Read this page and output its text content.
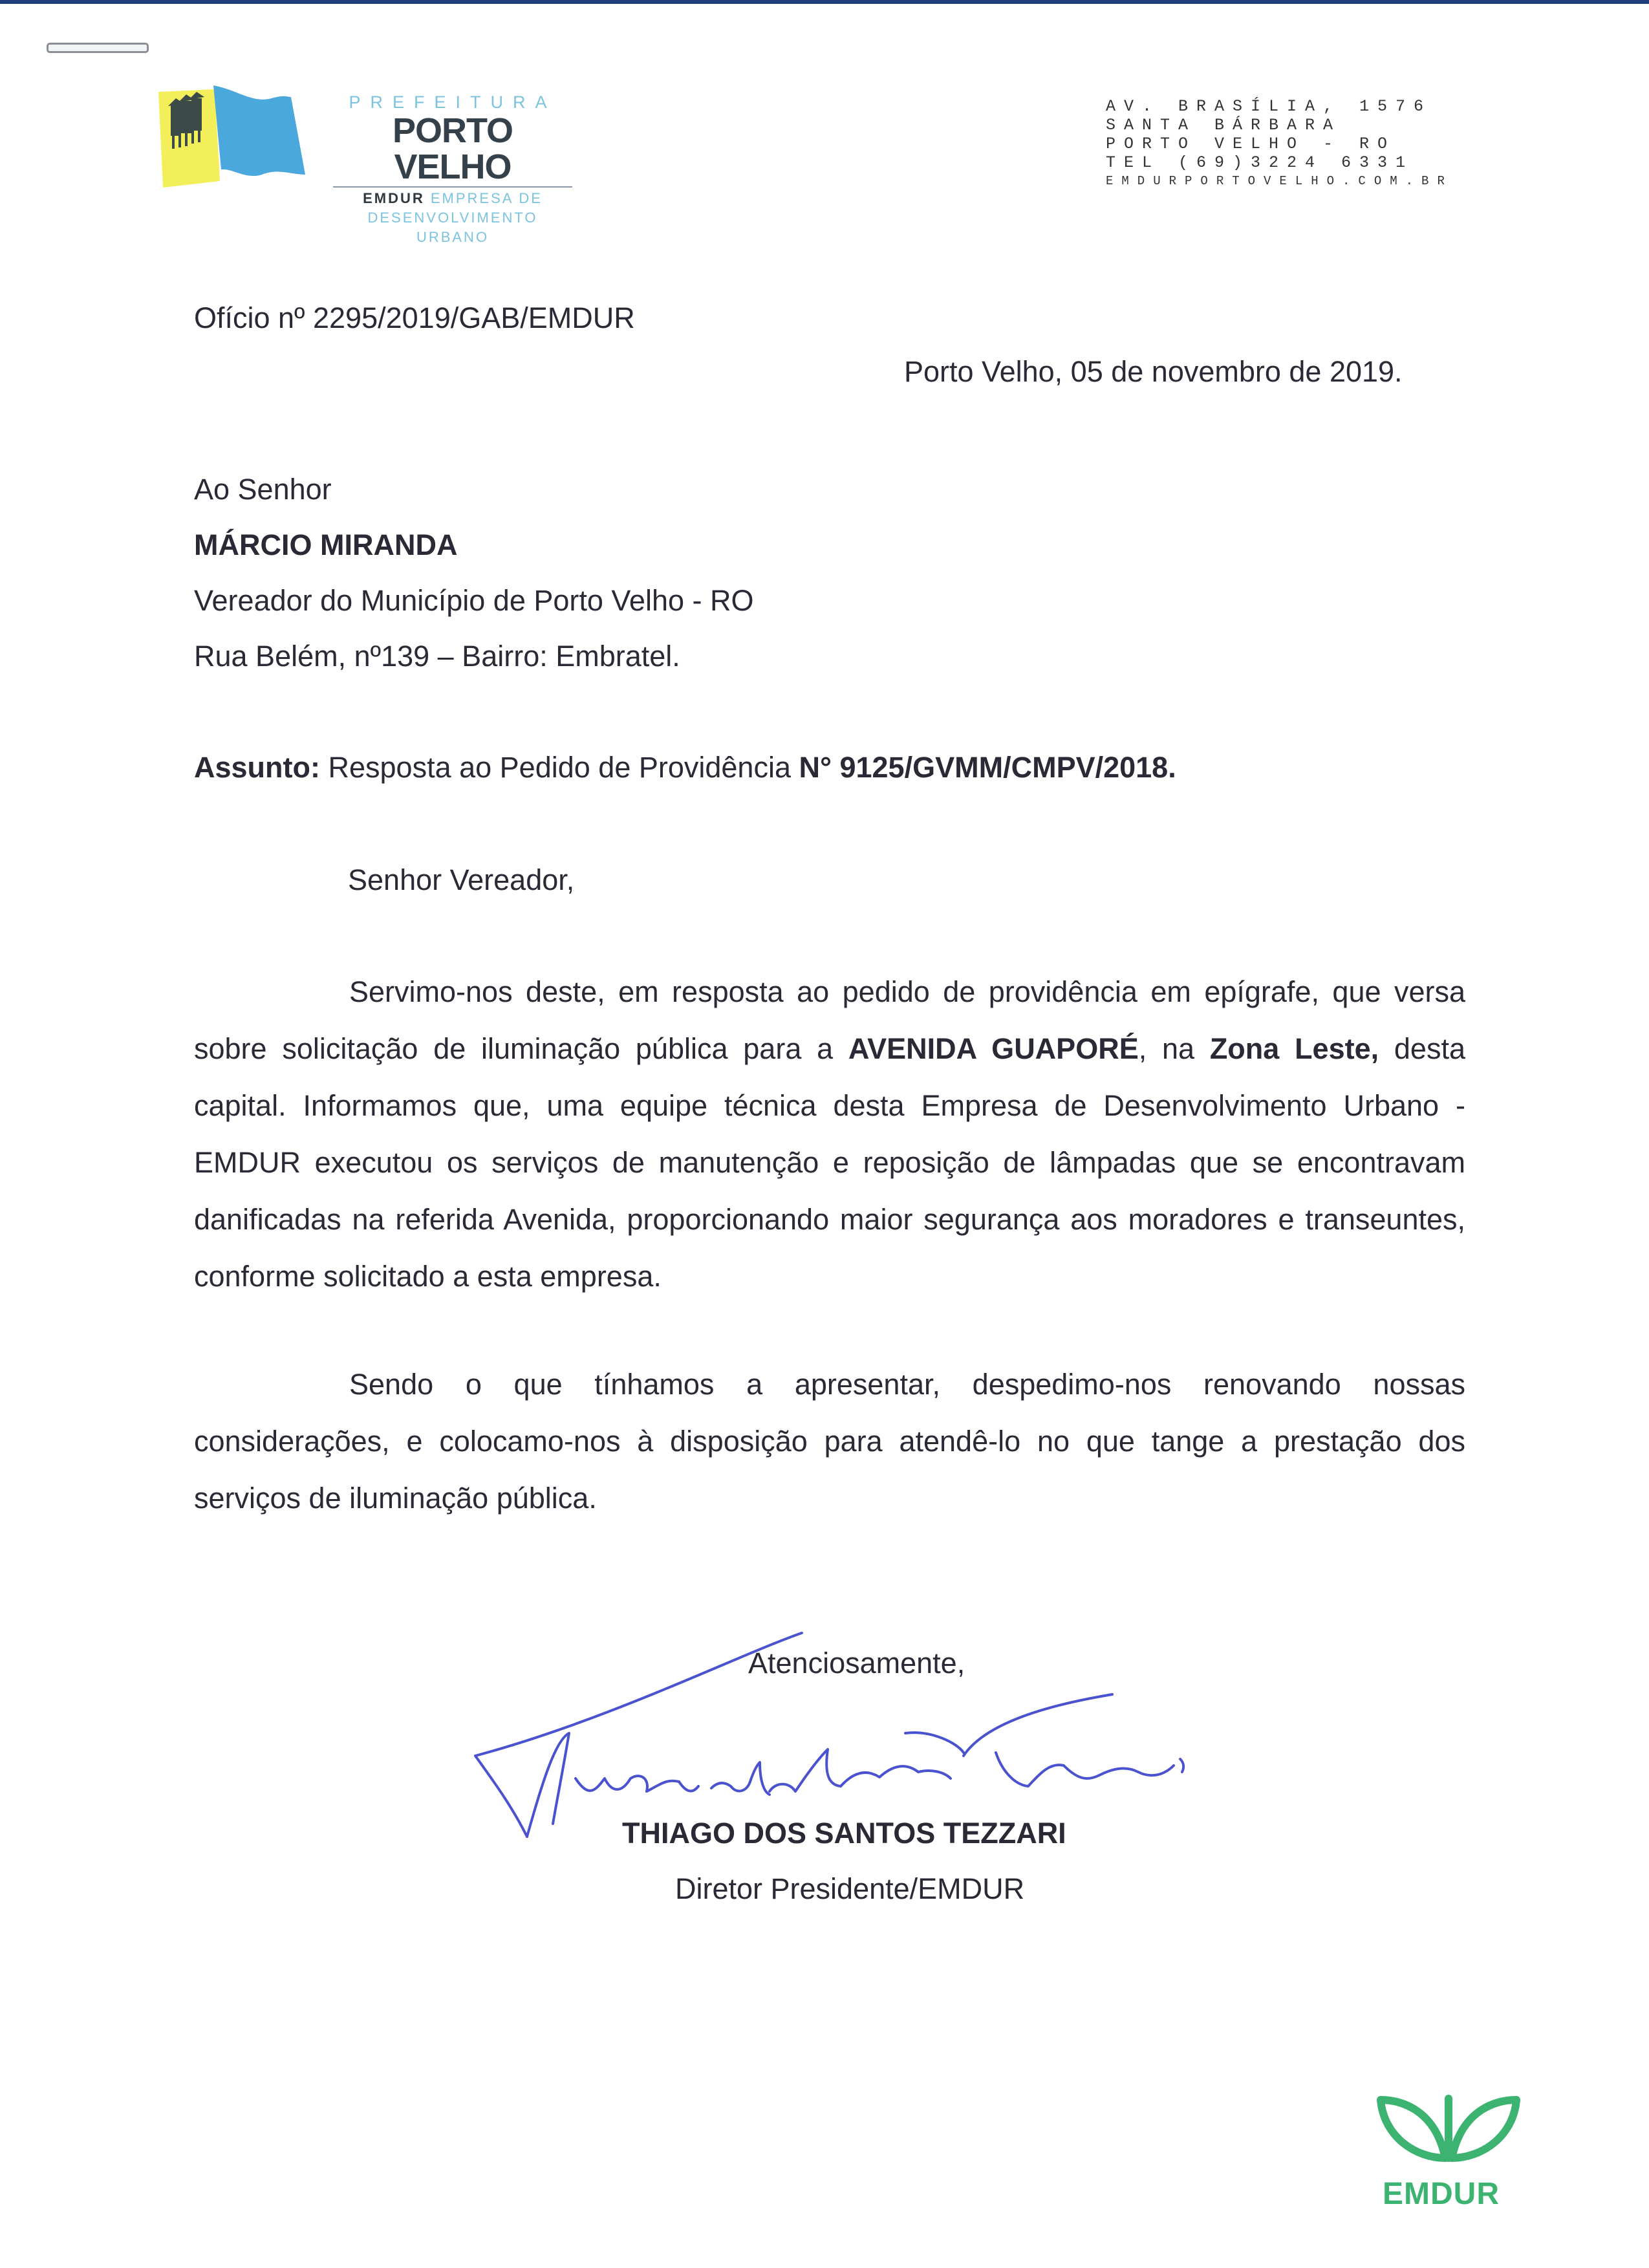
PREFEITURA
PORTO VELHO
EMDUR EMPRESA DE
DESENVOLVIMENTO
URBANO
AV. BRASÍLIA, 1576
SANTA BÁRBARA
PORTO VELHO - RO
TEL (69)3224 6331
EMDURPORTOVELHO.COM.BR
Ofício nº 2295/2019/GAB/EMDUR
Porto Velho, 05 de novembro de 2019.
Ao Senhor
MÁRCIO MIRANDA
Vereador do Município de Porto Velho - RO
Rua Belém, nº139 – Bairro: Embratel.
Assunto: Resposta ao Pedido de Providência N° 9125/GVMM/CMPV/2018.
Senhor Vereador,
Servimo-nos deste, em resposta ao pedido de providência em epígrafe, que versa sobre solicitação de iluminação pública para a AVENIDA GUAPORÉ, na Zona Leste, desta capital. Informamos que, uma equipe técnica desta Empresa de Desenvolvimento Urbano - EMDUR executou os serviços de manutenção e reposição de lâmpadas que se encontravam danificadas na referida Avenida, proporcionando maior segurança aos moradores e transeuntes, conforme solicitado a esta empresa.
Sendo o que tínhamos a apresentar, despedimo-nos renovando nossas considerações, e colocamo-nos à disposição para atendê-lo no que tange a prestação dos serviços de iluminação pública.
Atenciosamente,
THIAGO DOS SANTOS TEZZARI
Diretor Presidente/EMDUR
EMDUR
